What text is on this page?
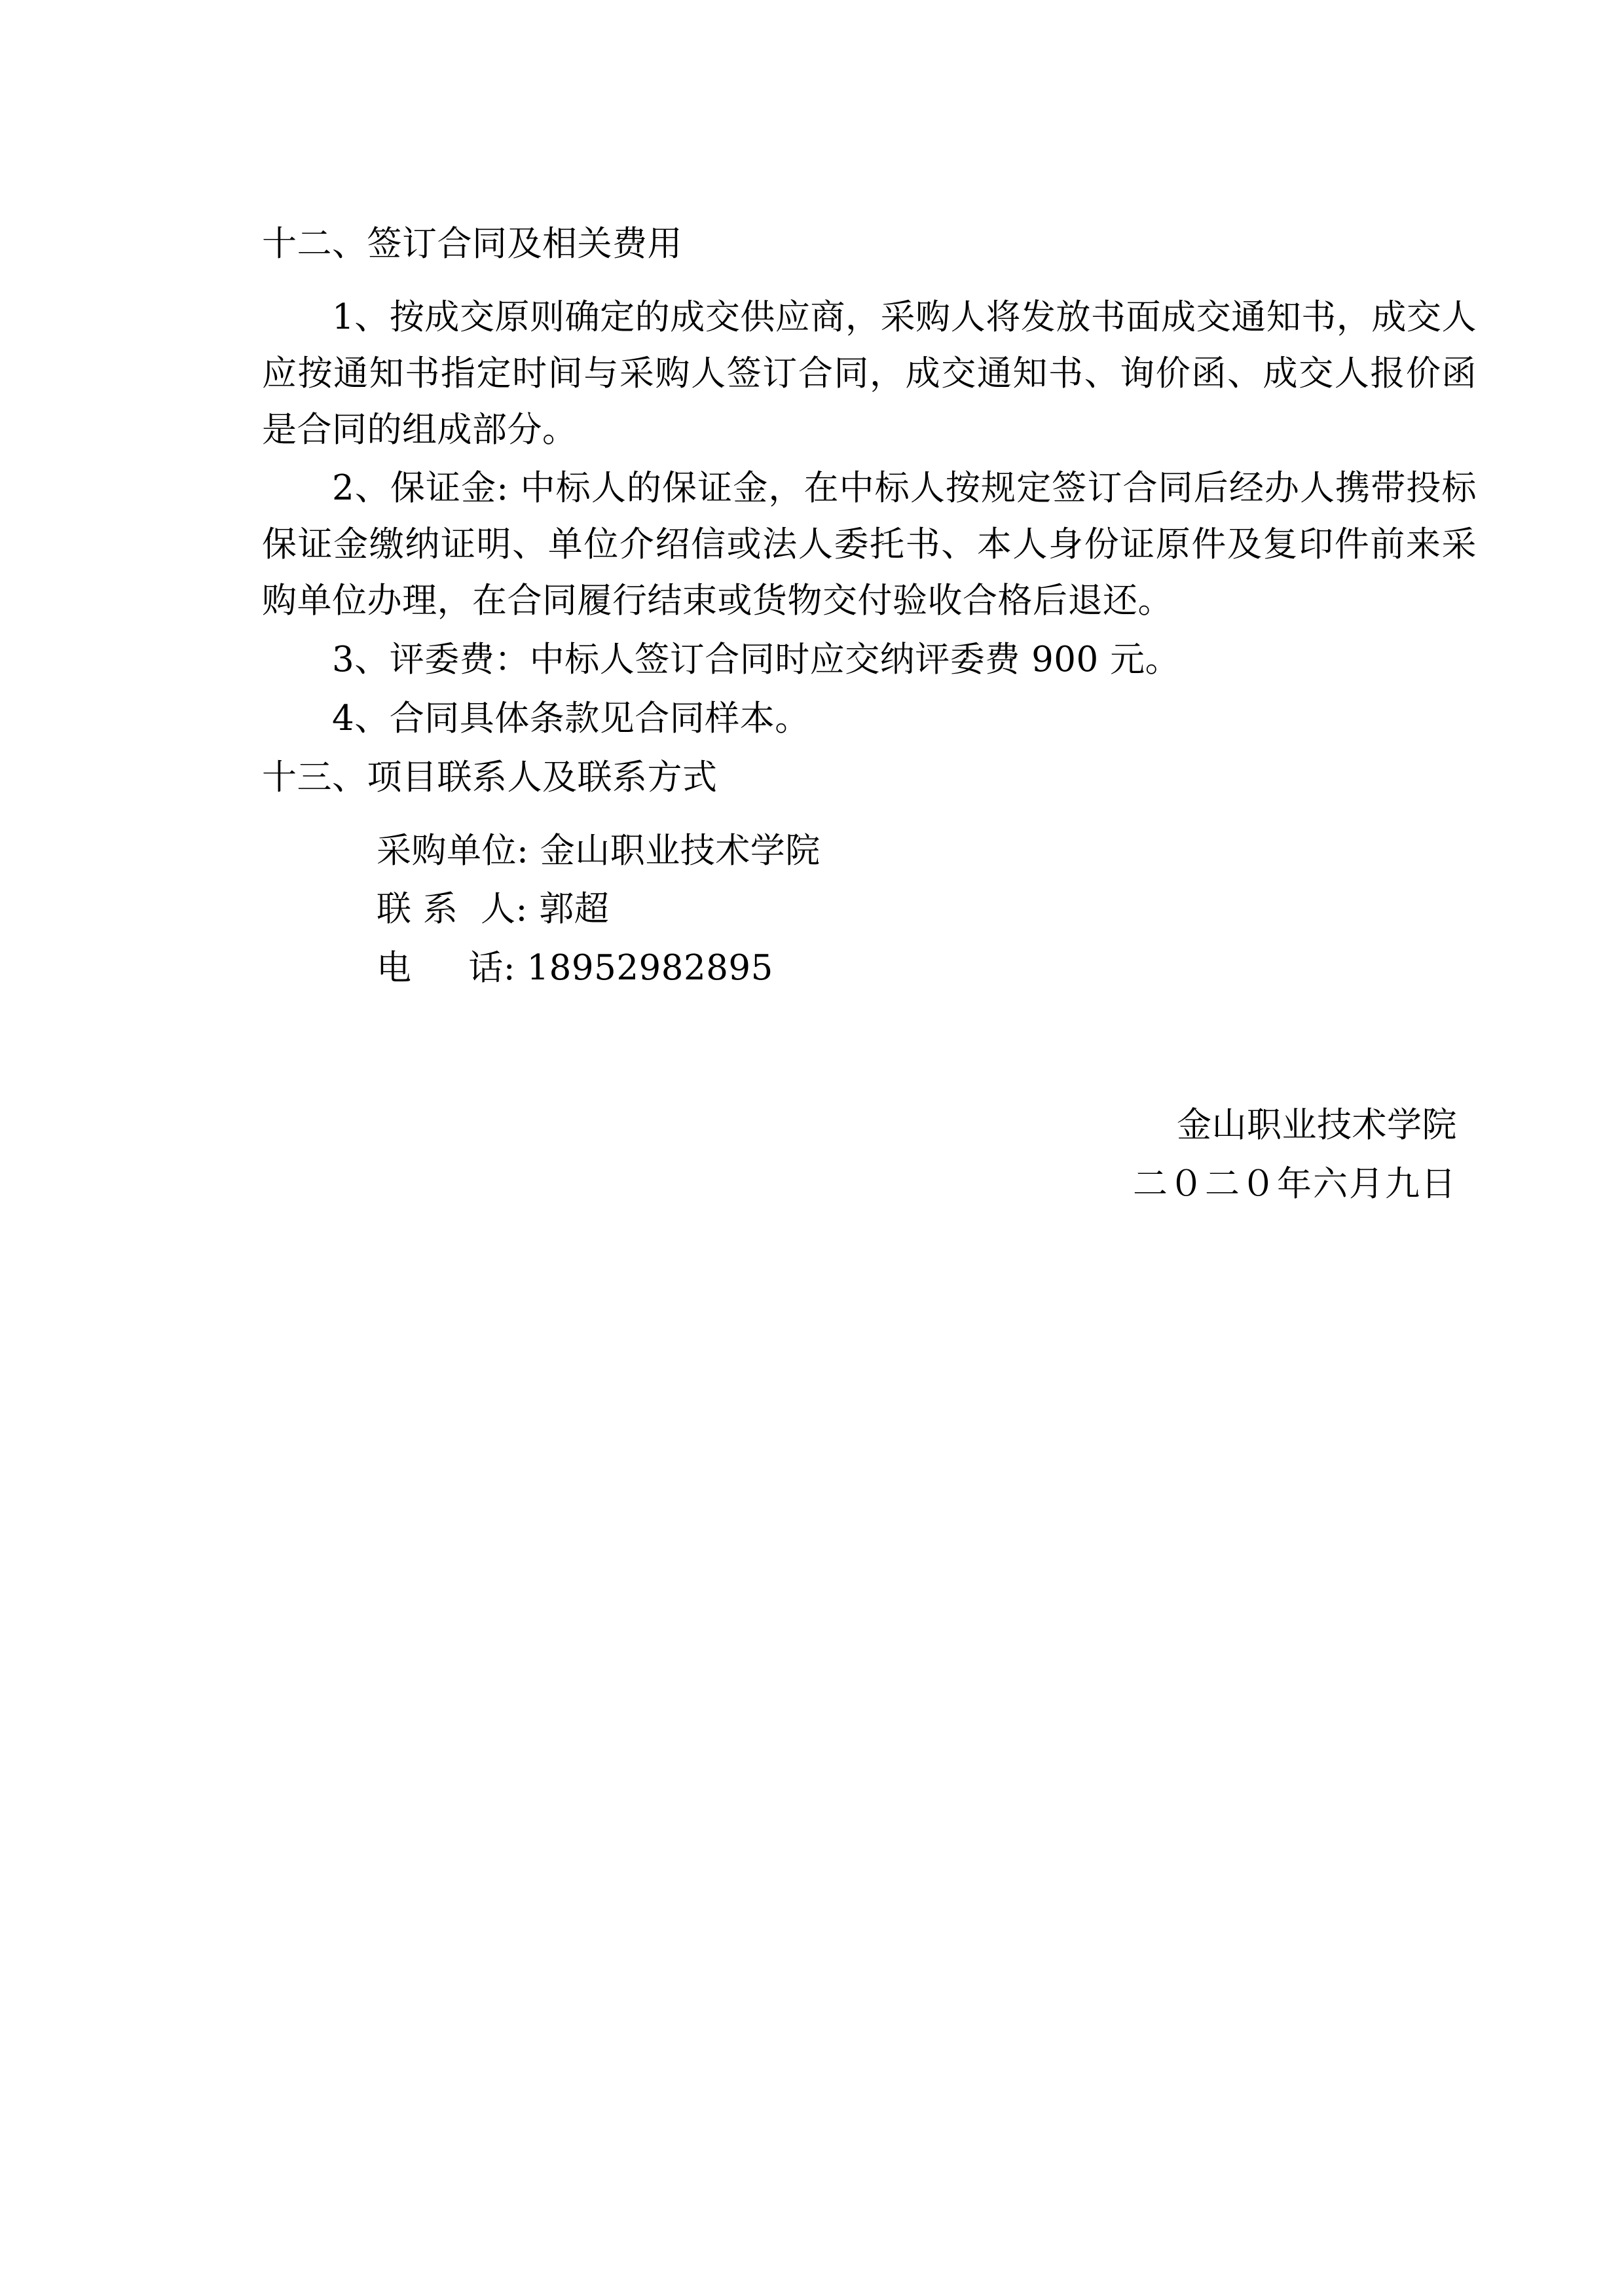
十二、签订合同及相关费用

1、按成交原则确定的成交供应商，采购人将发放书面成交通知书，成交人应按通知书指定时间与采购人签订合同，成交通知书、询价函、成交人报价函是合同的组成部分。

2、保证金: 中标人的保证金，在中标人按规定签订合同后经办人携带投标保证金缴纳证明、单位介绍信或法人委托书、本人身份证原件及复印件前来采购单位办理，在合同履行结束或货物交付验收合格后退还。

3、评委费：中标人签订合同时应交纳评委费 900 元。

4、合同具体条款见合同样本。

十三、项目联系人及联系方式

采购单位: 金山职业技术学院

联 系  人: 郭超

电     话: 18952982895

金山职业技术学院

二０二０年六月九日
